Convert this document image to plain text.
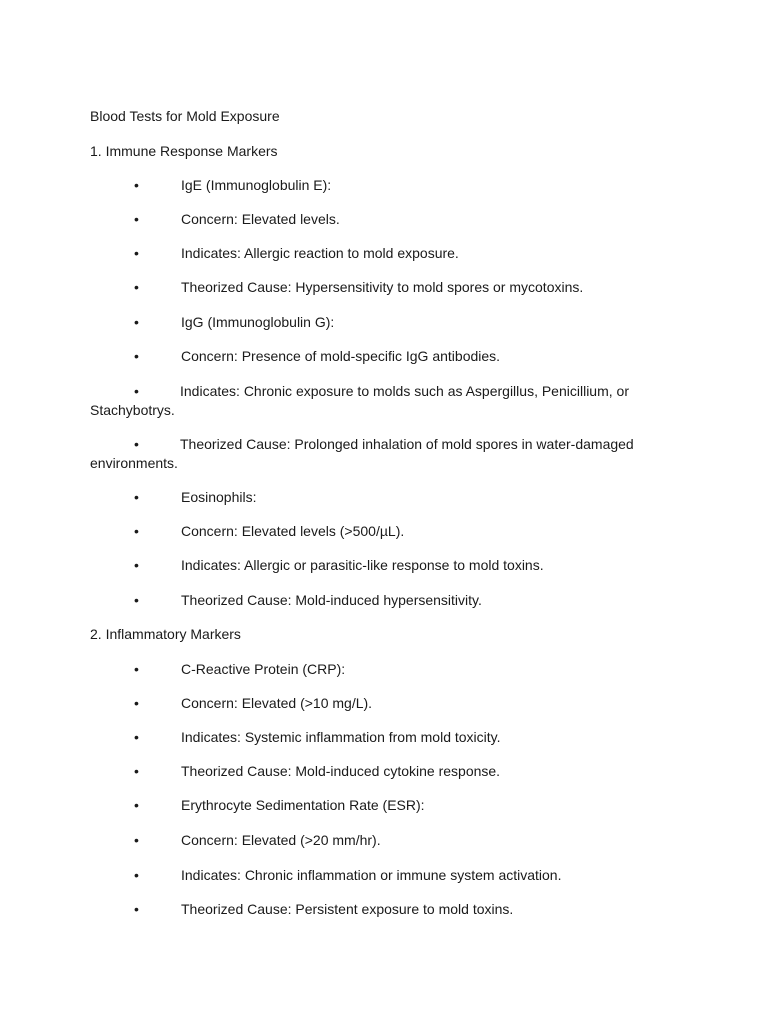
Blood Tests for Mold Exposure
1. Immune Response Markers
•	IgE (Immunoglobulin E):
•	Concern: Elevated levels.
•	Indicates: Allergic reaction to mold exposure.
•	Theorized Cause: Hypersensitivity to mold spores or mycotoxins.
•	IgG (Immunoglobulin G):
•	Concern: Presence of mold-specific IgG antibodies.
•	Indicates: Chronic exposure to molds such as Aspergillus, Penicillium, or Stachybotrys.
•	Theorized Cause: Prolonged inhalation of mold spores in water-damaged environments.
•	Eosinophils:
•	Concern: Elevated levels (>500/µL).
•	Indicates: Allergic or parasitic-like response to mold toxins.
•	Theorized Cause: Mold-induced hypersensitivity.
2. Inflammatory Markers
•	C-Reactive Protein (CRP):
•	Concern: Elevated (>10 mg/L).
•	Indicates: Systemic inflammation from mold toxicity.
•	Theorized Cause: Mold-induced cytokine response.
•	Erythrocyte Sedimentation Rate (ESR):
•	Concern: Elevated (>20 mm/hr).
•	Indicates: Chronic inflammation or immune system activation.
•	Theorized Cause: Persistent exposure to mold toxins.
